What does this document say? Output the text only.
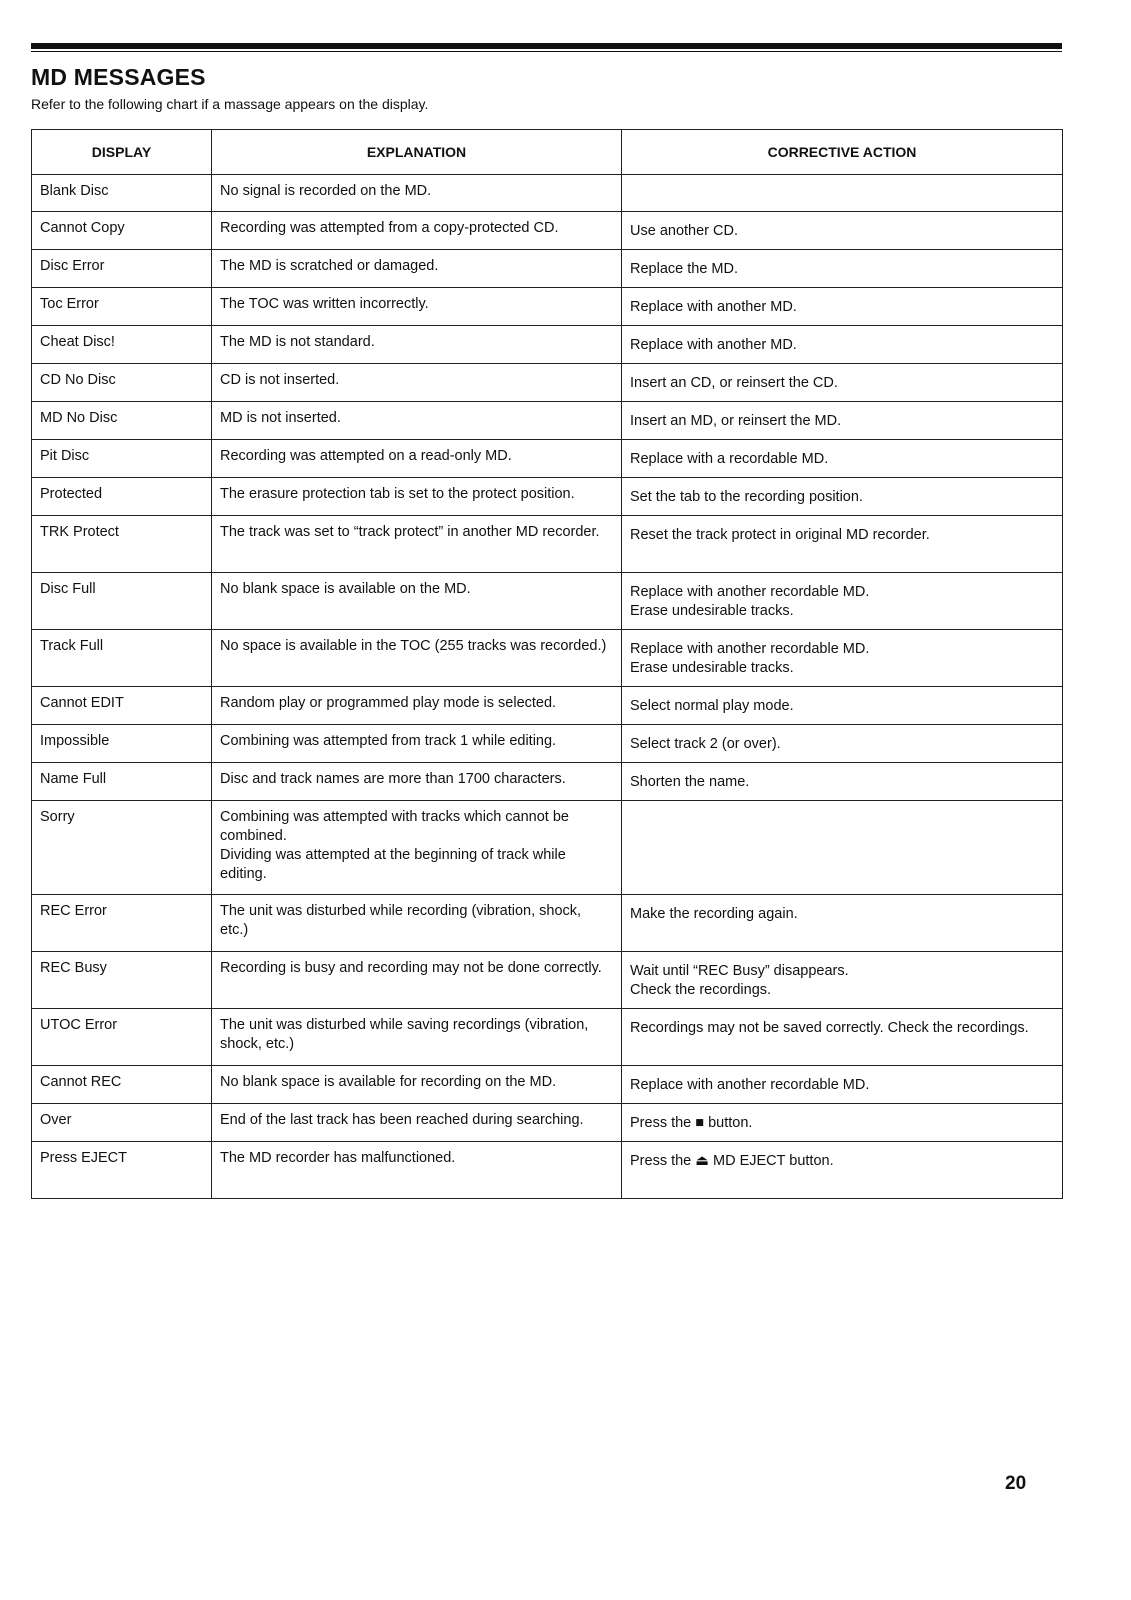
MD MESSAGES
Refer to the following chart if a massage appears on the display.
DISPLAY	EXPLANATION	CORRECTIVE ACTION
Blank Disc	No signal is recorded on the MD.	
Cannot Copy	Recording was attempted from a copy-protected CD.	Use another CD.
Disc Error	The MD is scratched or damaged.	Replace the MD.
Toc Error	The TOC was written incorrectly.	Replace with another MD.
Cheat Disc!	The MD is not standard.	Replace with another MD.
CD No Disc	CD is not inserted.	Insert an CD, or reinsert the CD.
MD No Disc	MD is not inserted.	Insert an MD, or reinsert the MD.
Pit Disc	Recording was attempted on a read-only MD.	Replace with a recordable MD.
Protected	The erasure protection tab is set to the protect position.	Set the tab to the recording position.
TRK Protect	The track was set to “track protect” in another MD recorder.	Reset the track protect in original MD recorder.
Disc Full	No blank space is available on the MD.	Replace with another recordable MD.
Erase undesirable tracks.
Track Full	No space is available in the TOC (255 tracks was recorded.)	Replace with another recordable MD.
Erase undesirable tracks.
Cannot EDIT	Random play or programmed play mode is selected.	Select normal play mode.
Impossible	Combining was attempted from track 1 while editing.	Select track 2 (or over).
Name Full	Disc and track names are more than 1700 characters.	Shorten the name.
Sorry	Combining was attempted with tracks which cannot be combined.
Dividing was attempted at the beginning of track while editing.	
REC Error	The unit was disturbed while recording (vibration, shock, etc.)	Make the recording again.
REC Busy	Recording is busy and recording may not be done correctly.	Wait until “REC Busy” disappears.
Check the recordings.
UTOC Error	The unit was disturbed while saving recordings (vibration, shock, etc.)	Recordings may not be saved correctly. Check the recordings.
Cannot REC	No blank space is available for recording on the MD.	Replace with another recordable MD.
Over	End of the last track has been reached during searching.	Press the ■ button.
Press EJECT	The MD recorder has malfunctioned.	Press the ⏏ MD EJECT button.
20
